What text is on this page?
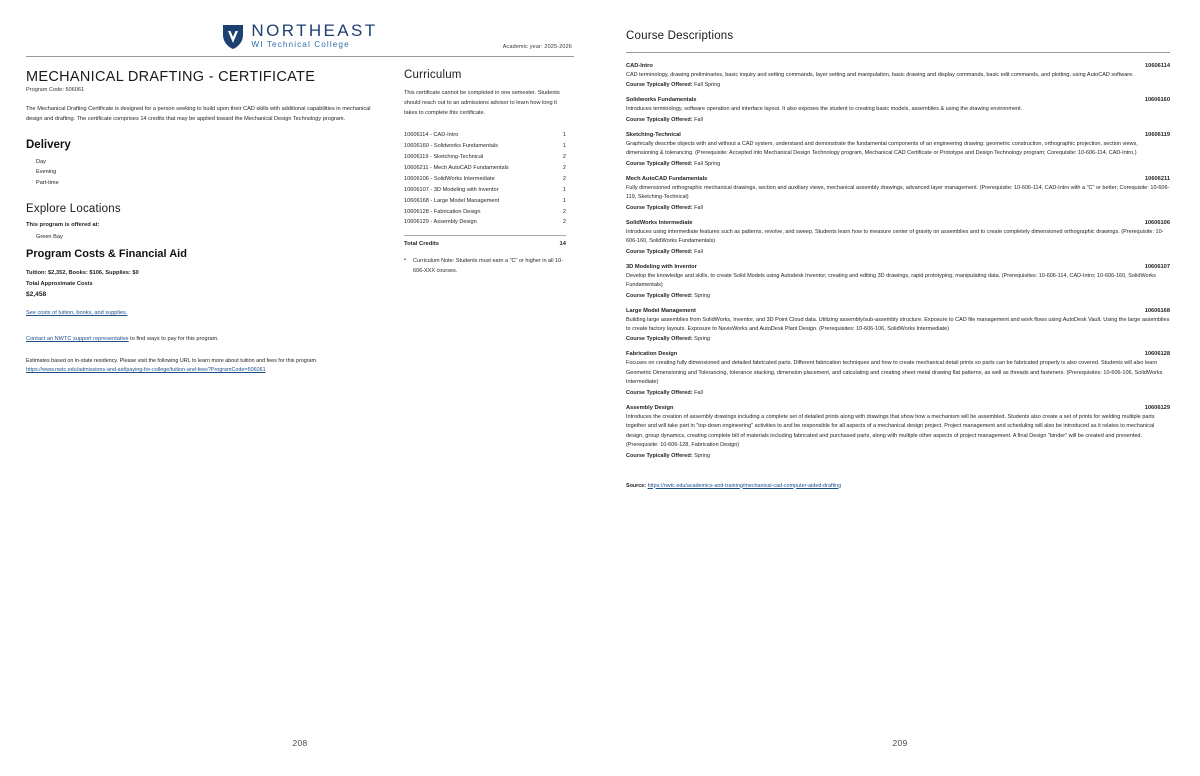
NORTHEAST
WI Technical College	Academic year: 2025-2026
MECHANICAL DRAFTING - CERTIFICATE
Program Code: 506061

The Mechanical Drafting Certificate is designed for a person seeking to build upon their CAD skills with additional capabilities in mechanical design and drafting. The certificate comprises 14 credits that may be applied toward the Mechanical Design Technology program.

Delivery
Day
Evening
Part-time
Explore Locations
This program is offered at:
Green Bay
Program Costs & Financial Aid
Tuition: $2,352, Books: $106, Supplies: $0
Total Approximate Costs
$2,458
See costs of tuition, books, and supplies.
Contact an NWTC support representative to find ways to pay for this program.
Estimates based on in-state residency. Please visit the following URL to learn more about tuition and fees for this program.
https://www.nwtc.edu/admissions-and-aid/paying-for-college/tuition-and-fees?ProgramCode=506061
Curriculum
This certificate cannot be completed in one semester. Students should reach out to an admissions advisor to learn how long it takes to complete this certificate.
10606114 - CAD-Intro	1
10606160 - Solidworks Fundamentals	1
10606119 - Sketching-Technical	2
10606211 - Mech AutoCAD Fundamentals	2
10606106 - SolidWorks Intermediate	2
10606107 - 3D Modeling with Inventor	1
10606168 - Large Model Management	1
10606128 - Fabrication Design	2
10606129 - Assembly Design	2
Total Credits	14
• Curriculum Note: Students must earn a "C" or higher in all 10-606-XXX courses.
208
Course Descriptions
CAD-Intro	10606114

CAD terminology, drawing preliminaries, basic inquiry and setting commands, layer setting and manipulation, basic drawing and display commands, basic edit commands, and plotting, using AutoCAD software.

Course Typically Offered: Fall Spring
Solidworks Fundamentals	10606160

Introduces terminology, software operation and interface layout. It also exposes the student to creating basic models, assemblies & using the drawing environment.

Course Typically Offered: Fall
Sketching-Technical	10606119

Graphically describe objects with and without a CAD system, understand and demonstrate the fundamental components of an engineering drawing: geometric construction, orthographic projection, section views, dimensioning & tolerancing. (Prerequisite: Accepted into Mechanical Design Technology program, Mechanical CAD Certificate or Prototype and Design Technology program; Corequisite: 10-606-114, CAD-Intro.)

Course Typically Offered: Fall Spring
Mech AutoCAD Fundamentals	10606211

Fully dimensioned orthographic mechanical drawings, section and auxiliary views, mechanical assembly drawings, advanced layer management. (Prerequisite: 10-606-114, CAD-Intro with a "C" or better; Corequisite: 10-606-119, Sketching-Technical)

Course Typically Offered: Fall
SolidWorks Intermediate	10606106

Introduces using intermediate features such as patterns, revolve, and sweep. Students learn how to measure center of gravity on assemblies and to create completely dimensioned orthographic drawings. (Prerequisite: 10-606-160, SolidWorks Fundamentals)

Course Typically Offered: Fall
3D Modeling with Inventor	10606107

Develop the knowledge and skills, to create Solid Models using Autodesk Inventor; creating and editing 3D drawings, rapid prototyping; manipulating data. (Prerequisites: 10-606-114, CAD-Intro; 10-606-160, SolidWorks Fundamentals)

Course Typically Offered: Spring
Large Model Management	10606168

Building large assemblies from SolidWorks, Inventor, and 3D Point Cloud data. Utilizing assembly/sub-assembly structure. Exposure to CAD file management and work flows using AutoDesk Vault. Using the large assemblies to create factory layouts. Exposure to NavisWorks and AutoDesk Plant Design. (Prerequisites: 10-606-106, SolidWorks Intermediate)

Course Typically Offered: Spring
Fabrication Design	10606128

Focuses on creating fully dimensioned and detailed fabricated parts. Different fabrication techniques and how to create mechanical detail prints so parts can be fabricated properly is also covered. Students will also learn Geometric Dimensioning and Tolerancing, tolerance stacking, dimension placement, and calculating and creating sheet metal drawing flat patterns, as well as threads and fasteners. (Prerequisites: 10-606-106, SolidWorks Intermediate)

Course Typically Offered: Fall
Assembly Design	10606129

Introduces the creation of assembly drawings including a complete set of detailed prints along with drawings that show how a mechanism will be assembled. Students also create a set of prints for welding multiple parts together and will take part in "top-down engineering" activities to and be responsible for all aspects of a mechanical design project. Project management and scheduling will also be introduced as it relates to mechanical design, group dynamics, creating complete bill of materials including fabricated and purchased parts, along with multiple other aspects of project management. A final Design "binder" will be created and presented. (Prerequisite: 10-606-128, Fabrication Design)

Course Typically Offered: Spring
Source: https://nwtc.edu/academics-and-training/mechanical-cad-computer-aided-drafting
209
